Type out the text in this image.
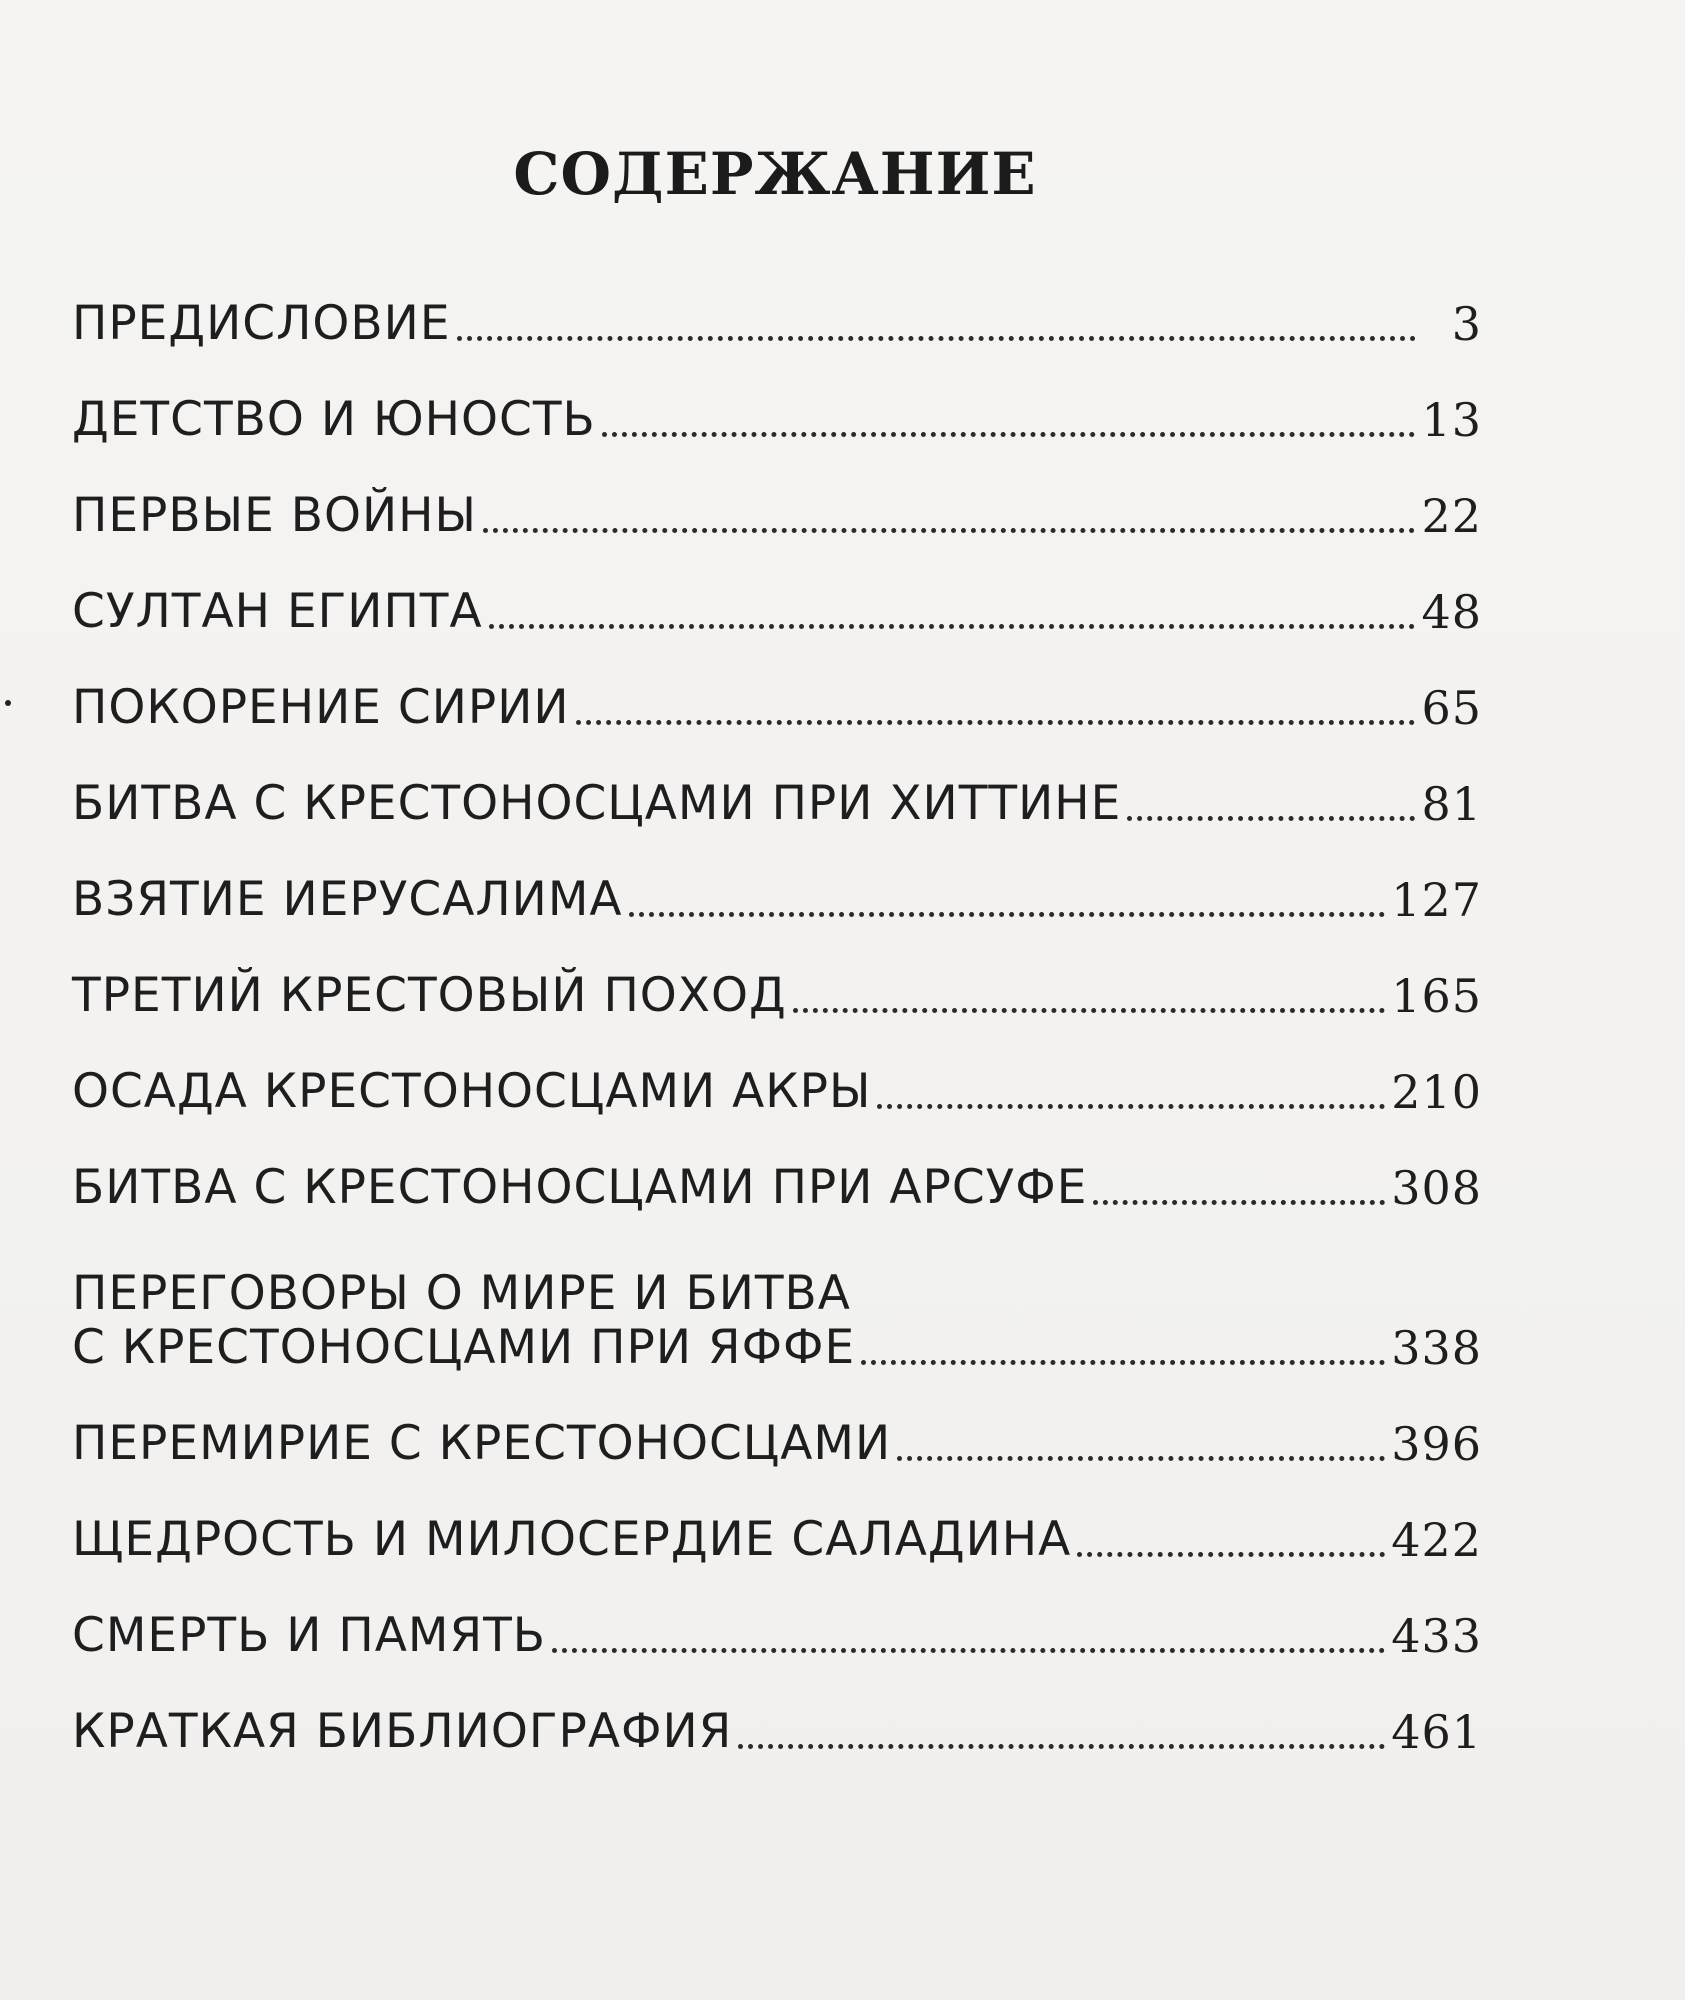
СОДЕРЖАНИЕ
ПРЕДИСЛОВИЕ	3
ДЕТСТВО И ЮНОСТЬ	13
ПЕРВЫЕ ВОЙНЫ	22
СУЛТАН ЕГИПТА	48
ПОКОРЕНИЕ СИРИИ	65
БИТВА С КРЕСТОНОСЦАМИ ПРИ ХИТТИНЕ	81
ВЗЯТИЕ ИЕРУСАЛИМА	127
ТРЕТИЙ КРЕСТОВЫЙ ПОХОД	165
ОСАДА КРЕСТОНОСЦАМИ АКРЫ	210
БИТВА С КРЕСТОНОСЦАМИ ПРИ АРСУФЕ	308
ПЕРЕГОВОРЫ О МИРЕ И БИТВА
С КРЕСТОНОСЦАМИ ПРИ ЯФФЕ	338
ПЕРЕМИРИЕ С КРЕСТОНОСЦАМИ	396
ЩЕДРОСТЬ И МИЛОСЕРДИЕ САЛАДИНА	422
СМЕРТЬ И ПАМЯТЬ	433
КРАТКАЯ БИБЛИОГРАФИЯ	461
